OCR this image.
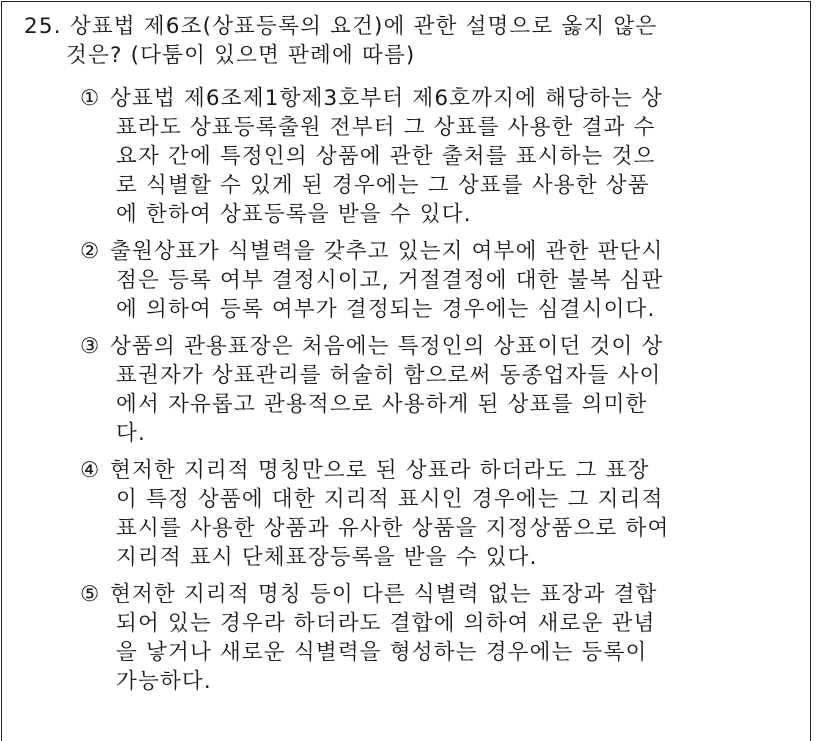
25. 상표법 제6조(상표등록의 요건)에 관한 설명으로 옳지 않은
것은? (다툼이 있으면 판례에 따름)
① 상표법 제6조제1항제3호부터 제6호까지에 해당하는 상
표라도 상표등록출원 전부터 그 상표를 사용한 결과 수
요자 간에 특정인의 상품에 관한 출처를 표시하는 것으
로 식별할 수 있게 된 경우에는 그 상표를 사용한 상품
에 한하여 상표등록을 받을 수 있다.
② 출원상표가 식별력을 갖추고 있는지 여부에 관한 판단시
점은 등록 여부 결정시이고, 거절결정에 대한 불복 심판
에 의하여 등록 여부가 결정되는 경우에는 심결시이다.
③ 상품의 관용표장은 처음에는 특정인의 상표이던 것이 상
표권자가 상표관리를 허술히 함으로써 동종업자들 사이
에서 자유롭고 관용적으로 사용하게 된 상표를 의미한
다.
④ 현저한 지리적 명칭만으로 된 상표라 하더라도 그 표장
이 특정 상품에 대한 지리적 표시인 경우에는 그 지리적
표시를 사용한 상품과 유사한 상품을 지정상품으로 하여
지리적 표시 단체표장등록을 받을 수 있다.
⑤ 현저한 지리적 명칭 등이 다른 식별력 없는 표장과 결합
되어 있는 경우라 하더라도 결합에 의하여 새로운 관념
을 낳거나 새로운 식별력을 형성하는 경우에는 등록이
가능하다.
